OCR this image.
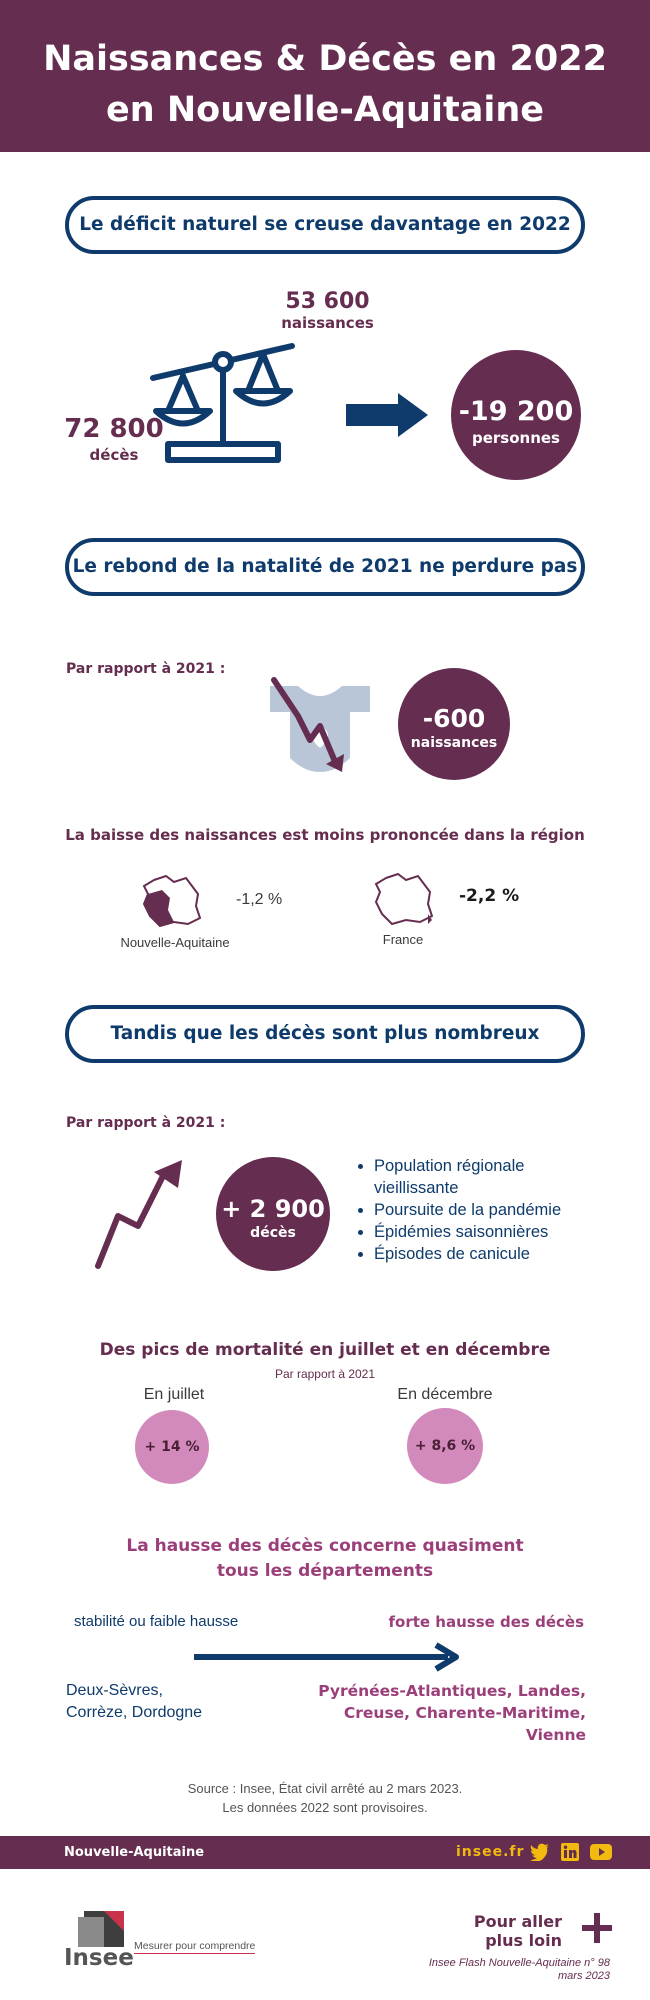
Naissances & Décès en 2022
en Nouvelle-Aquitaine
Le déficit naturel se creuse davantage en 2022
53 600
naissances
72 800
décès
-19 200
personnes
Le rebond de la natalité de 2021 ne perdure pas
Par rapport à 2021 :
-600
naissances
La baisse des naissances est moins prononcée dans la région
Nouvelle-Aquitaine
-1,2 %
France
-2,2 %
Tandis que les décès sont plus nombreux
Par rapport à 2021 :
+ 2 900
décès
• Population régionale
vieillissante
• Poursuite de la pandémie
• Épidémies saisonnières
• Épisodes de canicule
Des pics de mortalité en juillet et en décembre
Par rapport à 2021
En juillet
+ 14 %
En décembre
+ 8,6 %
La hausse des décès concerne quasiment
tous les départements
stabilité ou faible hausse	forte hausse des décès
Deux-Sèvres,
Corrèze, Dordogne
Pyrénées-Atlantiques, Landes,
Creuse, Charente-Maritime, Vienne
Source : Insee, État civil arrêté au 2 mars 2023.
Les données 2022 sont provisoires.
Nouvelle-Aquitaine	insee.fr
Insee Mesurer pour comprendre
Pour aller
plus loin
Insee Flash Nouvelle-Aquitaine n° 98
mars 2023
